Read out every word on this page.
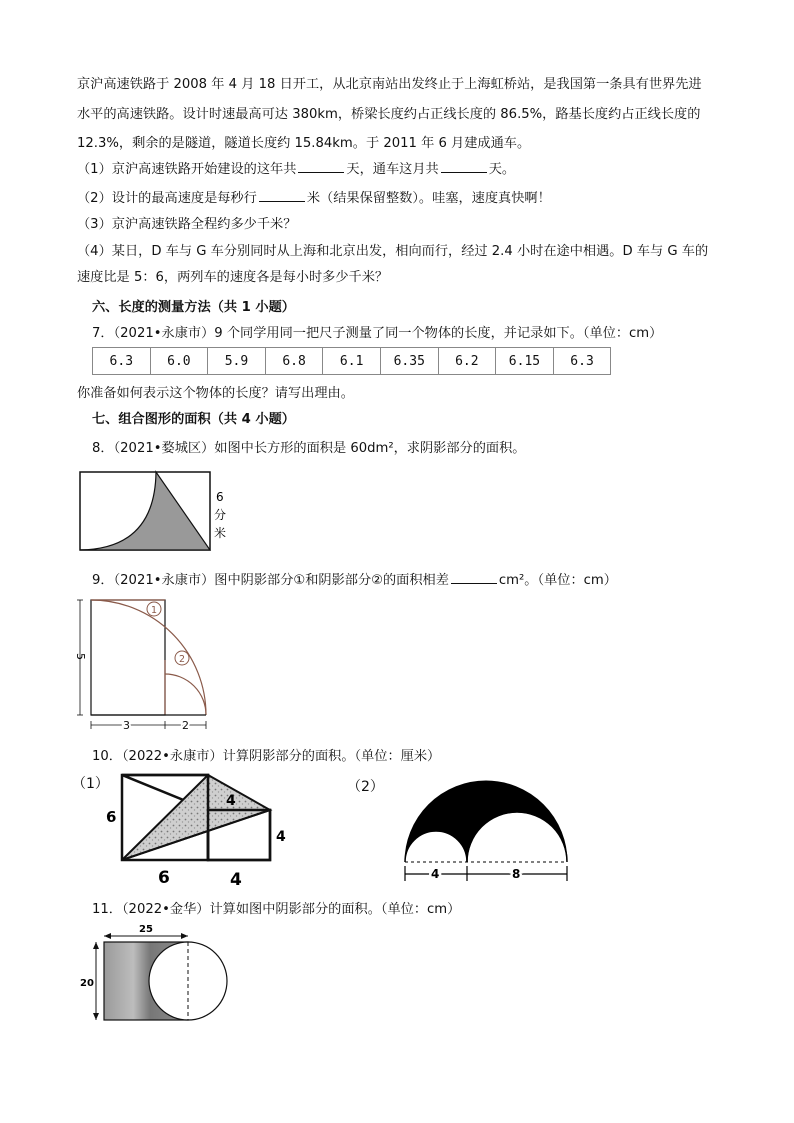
京沪高速铁路于 2008 年 4 月 18 日开工，从北京南站出发终止于上海虹桥站，是我国第一条具有世界先进
水平的高速铁路。设计时速最高可达 380km，桥梁长度约占正线长度的 86.5%，路基长度约占正线长度的
12.3%，剩余的是隧道，隧道长度约 15.84km。于 2011 年 6 月建成通车。
（1）京沪高速铁路开始建设的这年共	天，通车这月共	天。
（2）设计的最高速度是每秒行	米（结果保留整数）。哇塞，速度真快啊！
（3）京沪高速铁路全程约多少千米？
（4）某日，D 车与 G 车分别同时从上海和北京出发，相向而行，经过 2.4 小时在途中相遇。D 车与 G 车的
速度比是 5：6，两列车的速度各是每小时多少千米？
六、长度的测量方法（共 1 小题）
7．（2021•永康市）9 个同学用同一把尺子测量了同一个物体的长度，并记录如下。（单位：cm）
6.3	6.0	5.9	6.8	6.1	6.35	6.2	6.15	6.3
你准备如何表示这个物体的长度？请写出理由。
七、组合图形的面积（共 4 小题）
8．（2021•婺城区）如图中长方形的面积是 60dm²，求阴影部分的面积。
6
分
米
9．（2021•永康市）图中阴影部分①和阴影部分②的面积相差	cm²。（单位：cm）
1
2
5
3	2
10．（2022•永康市）计算阴影部分的面积。（单位：厘米）
（1）	（2）
6
6	4
4
4
4	8
11．（2022•金华）计算如图中阴影部分的面积。（单位：cm）
25
20
